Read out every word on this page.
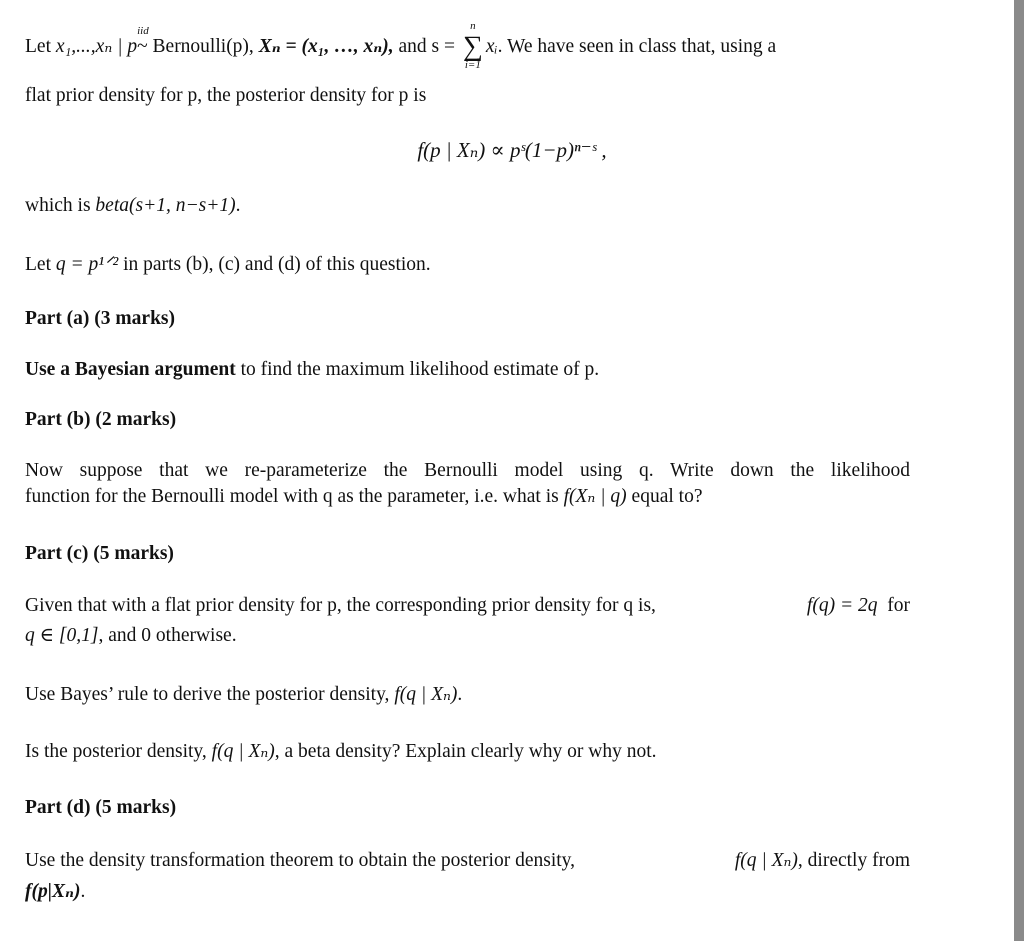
Let x₁,...,xₙ | p
iid
~ Bernoulli(p), Xₙ = (x₁, …, xₙ), and s =
n
∑
i=1
xᵢ. We have seen in class that, using a
flat prior density for p, the posterior density for p is
f(p | Xₙ) ∝ pˢ(1−p)ⁿ⁻ˢ ,
which is beta(s+1, n−s+1).
Let q = p¹ᐟ² in parts (b), (c) and (d) of this question.
Part (a) (3 marks)
Use a Bayesian argument to find the maximum likelihood estimate of p.
Part (b) (2 marks)
Now suppose that we re-parameterize the Bernoulli model using q. Write down the likelihood
function for the Bernoulli model with q as the parameter, i.e. what is f(Xₙ | q) equal to?
Part (c) (5 marks)
Given that with a flat prior density for p, the corresponding prior density for q is,	f(q) = 2q for
q ∈ [0,1], and 0 otherwise.
Use Bayes’ rule to derive the posterior density, f(q | Xₙ).
Is the posterior density, f(q | Xₙ), a beta density? Explain clearly why or why not.
Part (d) (5 marks)
Use the density transformation theorem to obtain the posterior density,	f(q | Xₙ), directly from
f(p|Xₙ).
